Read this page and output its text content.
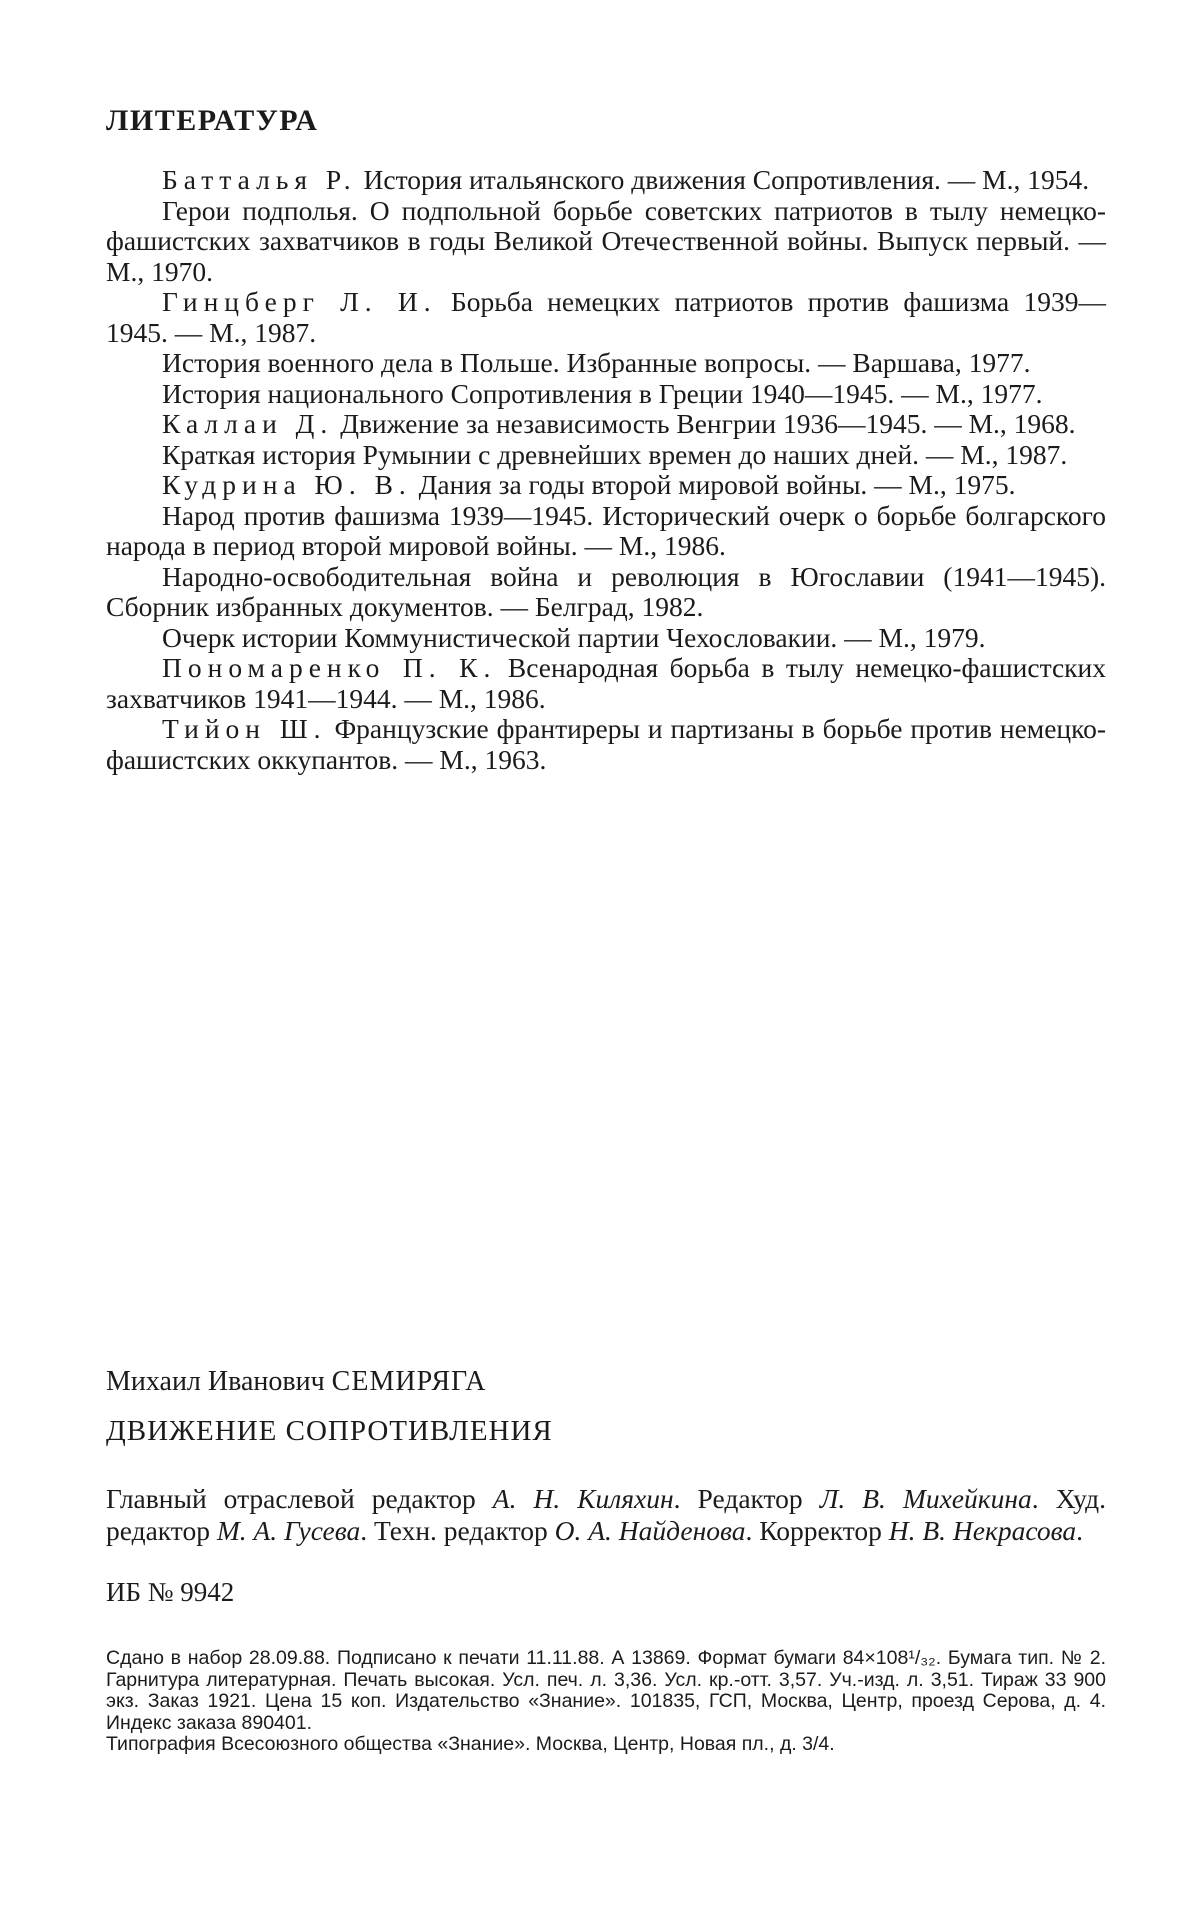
ЛИТЕРАТУРА
Батталья Р. История итальянского движения Сопротивления. — М., 1954.
Герои подполья. О подпольной борьбе советских патриотов в тылу немецко-фашистских захватчиков в годы Великой Отечественной войны. Выпуск первый. — М., 1970.
Гинцберг Л. И. Борьба немецких патриотов против фашизма 1939—1945. — М., 1987.
История военного дела в Польше. Избранные вопросы. — Варшава, 1977.
История национального Сопротивления в Греции 1940—1945. — М., 1977.
Каллаи Д. Движение за независимость Венгрии 1936—1945. — М., 1968.
Краткая история Румынии с древнейших времен до наших дней. — М., 1987.
Кудрина Ю. В. Дания за годы второй мировой войны. — М., 1975.
Народ против фашизма 1939—1945. Исторический очерк о борьбе болгарского народа в период второй мировой войны. — М., 1986.
Народно-освободительная война и революция в Югославии (1941—1945). Сборник избранных документов. — Белград, 1982.
Очерк истории Коммунистической партии Чехословакии. — М., 1979.
Пономаренко П. К. Всенародная борьба в тылу немецко-фашистских захватчиков 1941—1944. — М., 1986.
Тийон Ш. Французские франтиреры и партизаны в борьбе против немецко-фашистских оккупантов. — М., 1963.
Михаил Иванович СЕМИРЯГА
ДВИЖЕНИЕ СОПРОТИВЛЕНИЯ
Главный отраслевой редактор А. Н. Киляхин. Редактор Л. В. Михейкина. Худ. редактор М. А. Гусева. Техн. редактор О. А. Найденова. Корректор Н. В. Некрасова.
ИБ № 9942
Сдано в набор 28.09.88. Подписано к печати 11.11.88. А 13869. Формат бумаги 84×108¹/₃₂. Бумага тип. № 2. Гарнитура литературная. Печать высокая. Усл. печ. л. 3,36. Усл. кр.-отт. 3,57. Уч.-изд. л. 3,51. Тираж 33 900 экз. Заказ 1921. Цена 15 коп. Издательство «Знание». 101835, ГСП, Москва, Центр, проезд Серова, д. 4. Индекс заказа 890401.
Типография Всесоюзного общества «Знание». Москва, Центр, Новая пл., д. 3/4.
